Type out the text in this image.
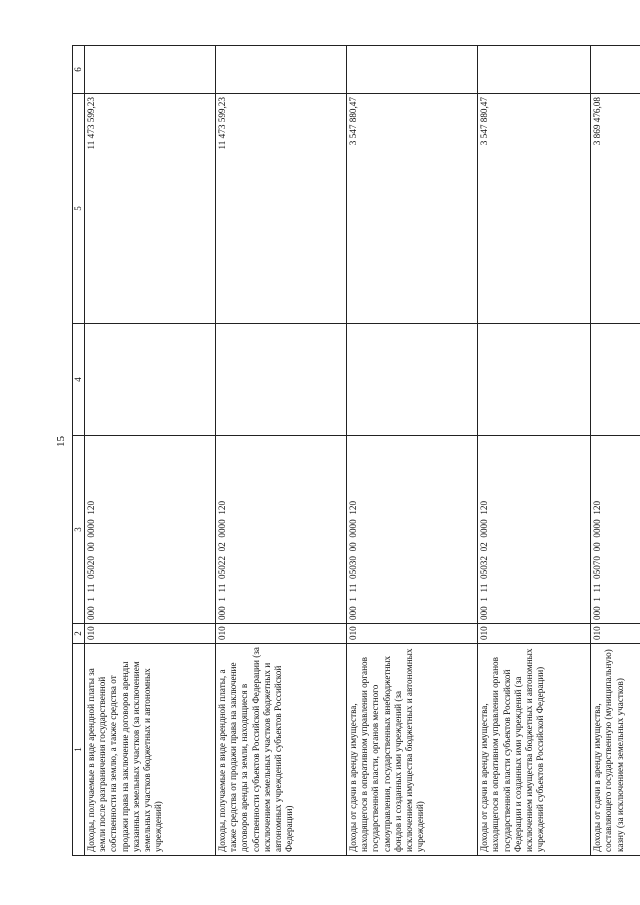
15
1	2	3	4	5	6
Доходы, получаемые в виде арендной платы за земли после разграничения государственной собственности на землю, а также средства от продажи права на заключение договоров аренды указанных земельных участков (за исключением земельных участков бюджетных и автономных учреждений)	010	000  1  11  05020  00  0000  120		11 473 599,23	
Доходы, получаемые в виде арендной платы, а также средства от продажи права на заключение договоров аренды за земли, находящиеся в собственности субъектов Российской Федерации (за исключением земельных участков бюджетных и автономных учреждений субъектов Российской Федерации)	010	000  1  11  05022  02  0000  120		11 473 599,23	
Доходы от сдачи в аренду имущества, находящегося в оперативном управлении органов государственной власти, органов местного самоуправления, государственных внебюджетных фондов и созданных ими учреждений (за исключением имущества бюджетных и автономных учреждений)	010	000  1  11  05030  00  0000  120		3 547 880,47	
Доходы от сдачи в аренду имущества, находящегося в оперативном управлении органов государственной власти субъектов Российской Федерации и созданных ими учреждений (за исключением имущества бюджетных и автономных учреждений субъектов Российской Федерации)	010	000  1  11  05032  02  0000  120		3 547 880,47	
Доходы от сдачи в аренду имущества, составляющего государственную (муниципальную) казну (за исключением земельных участков)	010	000  1  11  05070  00  0000  120		3 869 476,08	
